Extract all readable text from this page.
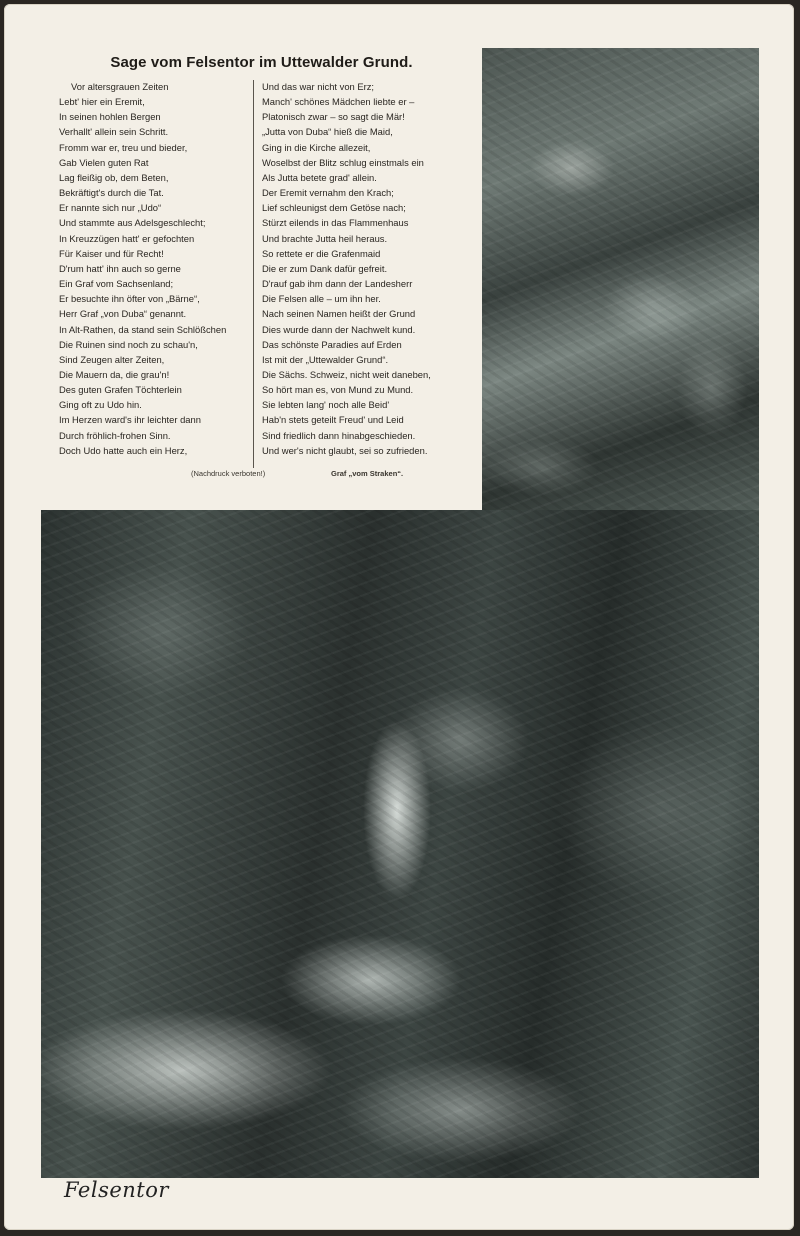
Sage vom Felsentor im Uttewalder Grund.
Vor altersgrauen Zeiten
Lebt' hier ein Eremit,
In seinen hohlen Bergen
Verhallt' allein sein Schritt.
Fromm war er, treu und bieder,
Gab Vielen guten Rat
Lag fleißig ob, dem Beten,
Bekräftigt's durch die Tat.
Er nannte sich nur „Udo“
Und stammte aus Adelsgeschlecht;
In Kreuzzügen hatt' er gefochten
Für Kaiser und für Recht!
D'rum hatt' ihn auch so gerne
Ein Graf vom Sachsenland;
Er besuchte ihn öfter von „Bärne“,
Herr Graf „von Duba“ genannt.
In Alt-Rathen, da stand sein Schlößchen
Die Ruinen sind noch zu schau'n,
Sind Zeugen alter Zeiten,
Die Mauern da, die grau'n!
Des guten Grafen Töchterlein
Ging oft zu Udo hin.
Im Herzen ward's ihr leichter dann
Durch fröhlich-frohen Sinn.
Doch Udo hatte auch ein Herz,
Und das war nicht von Erz;
Manch' schönes Mädchen liebte er –
Platonisch zwar – so sagt die Mär!
„Jutta von Duba“ hieß die Maid,
Ging in die Kirche allezeit,
Woselbst der Blitz schlug einstmals ein
Als Jutta betete grad' allein.
Der Eremit vernahm den Krach;
Lief schleunigst dem Getöse nach;
Stürzt eilends in das Flammenhaus
Und brachte Jutta heil heraus.
So rettete er die Grafenmaid
Die er zum Dank dafür gefreit.
D'rauf gab ihm dann der Landesherr
Die Felsen alle – um ihn her.
Nach seinen Namen heißt der Grund
Dies wurde dann der Nachwelt kund.
Das schönste Paradies auf Erden
Ist mit der „Uttewalder Grund“.
Die Sächs. Schweiz, nicht weit daneben,
So hört man es, von Mund zu Mund.
Sie lebten lang' noch alle Beid'
Hab'n stets geteilt Freud' und Leid
Sind friedlich dann hinabgeschieden.
Und wer's nicht glaubt, sei so zufrieden.
(Nachdruck verboten!)	Graf „vom Straken“.
Felsentor
